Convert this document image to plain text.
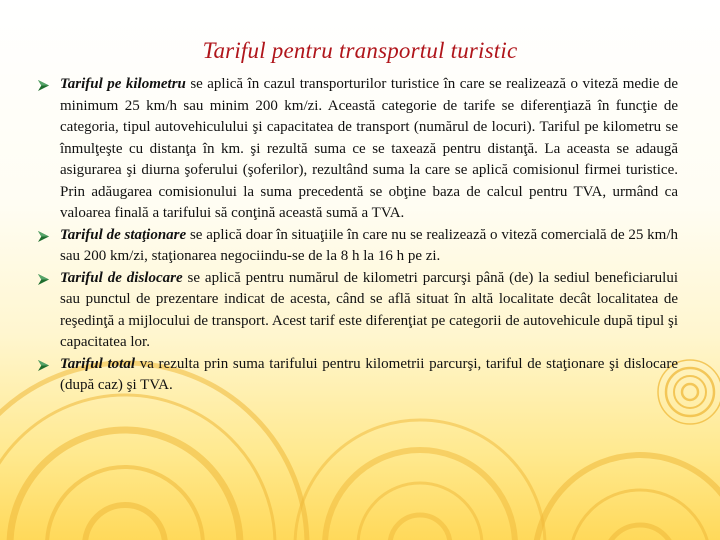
Tariful pentru transportul turistic
Tariful pe kilometru se aplică în cazul transporturilor turistice în care se realizează o viteză medie de minimum 25 km/h sau minim 200 km/zi. Această categorie de tarife se diferenţiază în funcţie de categoria, tipul autovehiculului şi capacitatea de transport (numărul de locuri). Tariful pe kilometru se înmulţeşte cu distanţa în km. şi rezultă suma ce se taxează pentru distanţă. La aceasta se adaugă asigurarea şi diurna şoferului (şoferilor), rezultând suma la care se aplică comisionul firmei turistice. Prin adăugarea comisionului la suma precedentă se obţine baza de calcul pentru TVA, urmând ca valoarea finală a tarifului să conţină această sumă a TVA.
Tariful de staţionare se aplică doar în situaţiile în care nu se realizează o viteză comercială de 25 km/h sau 200 km/zi, staţionarea negociindu-se de la 8 h la 16 h pe zi.
Tariful de dislocare se aplică pentru numărul de kilometri parcurşi până (de) la sediul beneficiarului sau punctul de prezentare indicat de acesta, când se află situat în altă localitate decât localitatea de reşedinţă a mijlocului de transport. Acest tarif este diferenţiat pe categorii de autovehicule după tipul şi capacitatea lor.
Tariful total va rezulta prin suma tarifului pentru kilometrii parcurşi, tariful de staţionare şi dislocare (după caz) şi TVA.
